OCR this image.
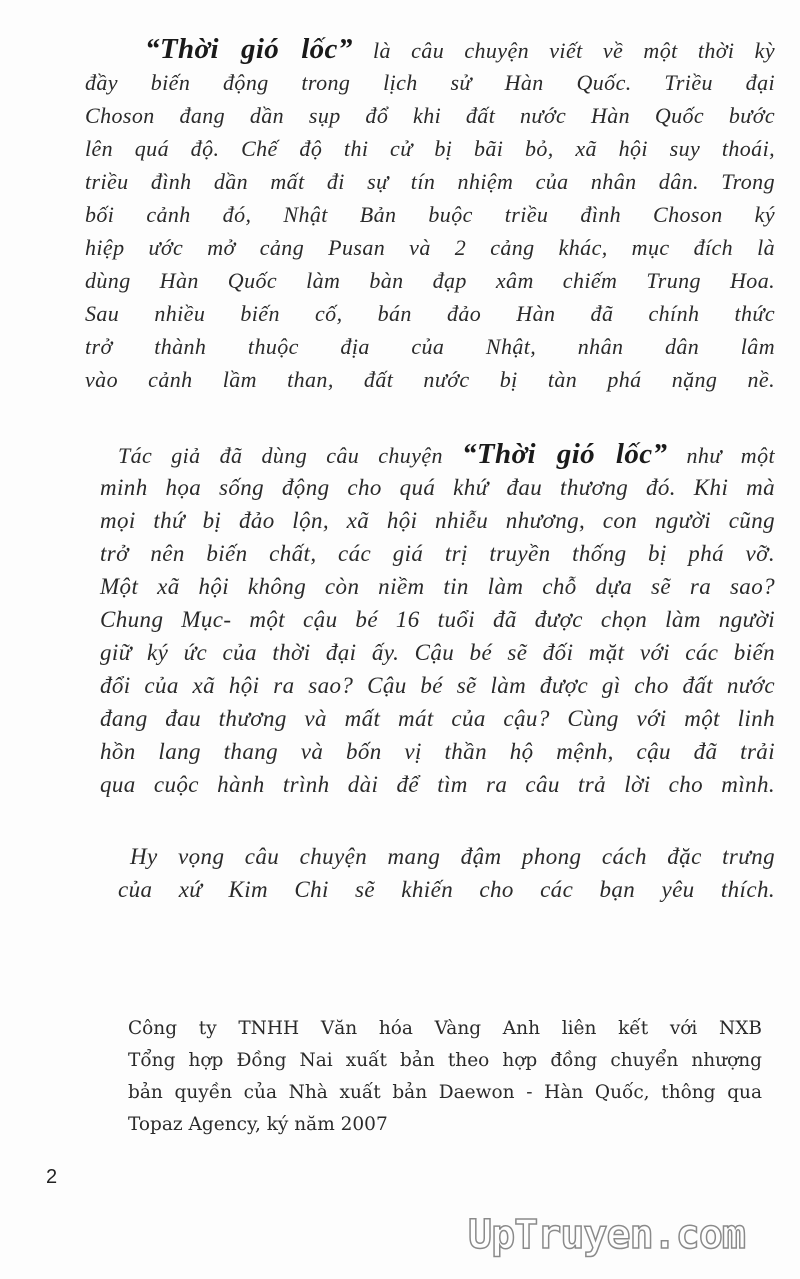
“Thời gió lốc” là câu chuyện viết về một thời kỳ
đầy biến động trong lịch sử Hàn Quốc. Triều đại
Choson đang dần sụp đổ khi đất nước Hàn Quốc bước
lên quá độ. Chế độ thi cử bị bãi bỏ, xã hội suy thoái,
triều đình dần mất đi sự tín nhiệm của nhân dân. Trong
bối cảnh đó, Nhật Bản buộc triều đình Choson ký
hiệp ước mở cảng Pusan và 2 cảng khác, mục đích là
dùng Hàn Quốc làm bàn đạp xâm chiếm Trung Hoa.
Sau nhiều biến cố, bán đảo Hàn đã chính thức
trở thành thuộc địa của Nhật, nhân dân lâm
vào cảnh lầm than, đất nước bị tàn phá nặng nề.
Tác giả đã dùng câu chuyện “Thời gió lốc” như một
minh họa sống động cho quá khứ đau thương đó. Khi mà
mọi thứ bị đảo lộn, xã hội nhiễu nhương, con người cũng
trở nên biến chất, các giá trị truyền thống bị phá vỡ.
Một xã hội không còn niềm tin làm chỗ dựa sẽ ra sao?
Chung Mục- một cậu bé 16 tuổi đã được chọn làm người
giữ ký ức của thời đại ấy. Cậu bé sẽ đối mặt với các biến
đổi của xã hội ra sao? Cậu bé sẽ làm được gì cho đất nước
đang đau thương và mất mát của cậu? Cùng với một linh
hồn lang thang và bốn vị thần hộ mệnh, cậu đã trải
qua cuộc hành trình dài để tìm ra câu trả lời cho mình.
Hy vọng câu chuyện mang đậm phong cách đặc trưng
của xứ Kim Chi sẽ khiến cho các bạn yêu thích.
Công ty TNHH Văn hóa Vàng Anh liên kết với NXB
Tổng hợp Đồng Nai xuất bản theo hợp đồng chuyển nhượng
bản quyền của Nhà xuất bản Daewon - Hàn Quốc, thông qua
Topaz Agency, ký năm 2007
2
UpTruyen.com
